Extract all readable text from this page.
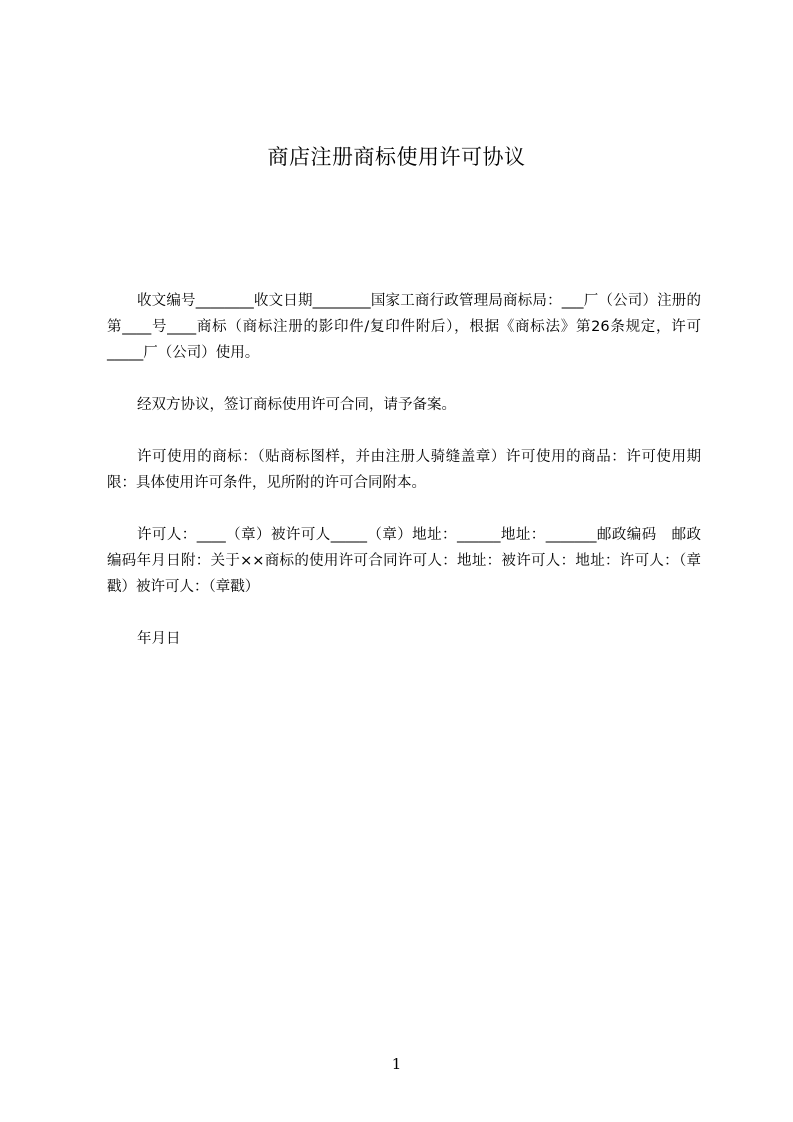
商店注册商标使用许可协议

收文编号________收文日期________国家工商行政管理局商标局：___厂（公司）注册的第____号____商标（商标注册的影印件/复印件附后），根据《商标法》第26条规定，许可_____厂（公司）使用。

经双方协议，签订商标使用许可合同，请予备案。

许可使用的商标：（贴商标图样，并由注册人骑缝盖章）许可使用的商品：许可使用期限：具体使用许可条件，见所附的许可合同附本。

许可人：____（章）被许可人_____（章）地址：______地址：_______邮政编码　邮政编码年月日附：关于××商标的使用许可合同许可人：地址：被许可人：地址：许可人：（章戳）被许可人：（章戳）

年月日

1
